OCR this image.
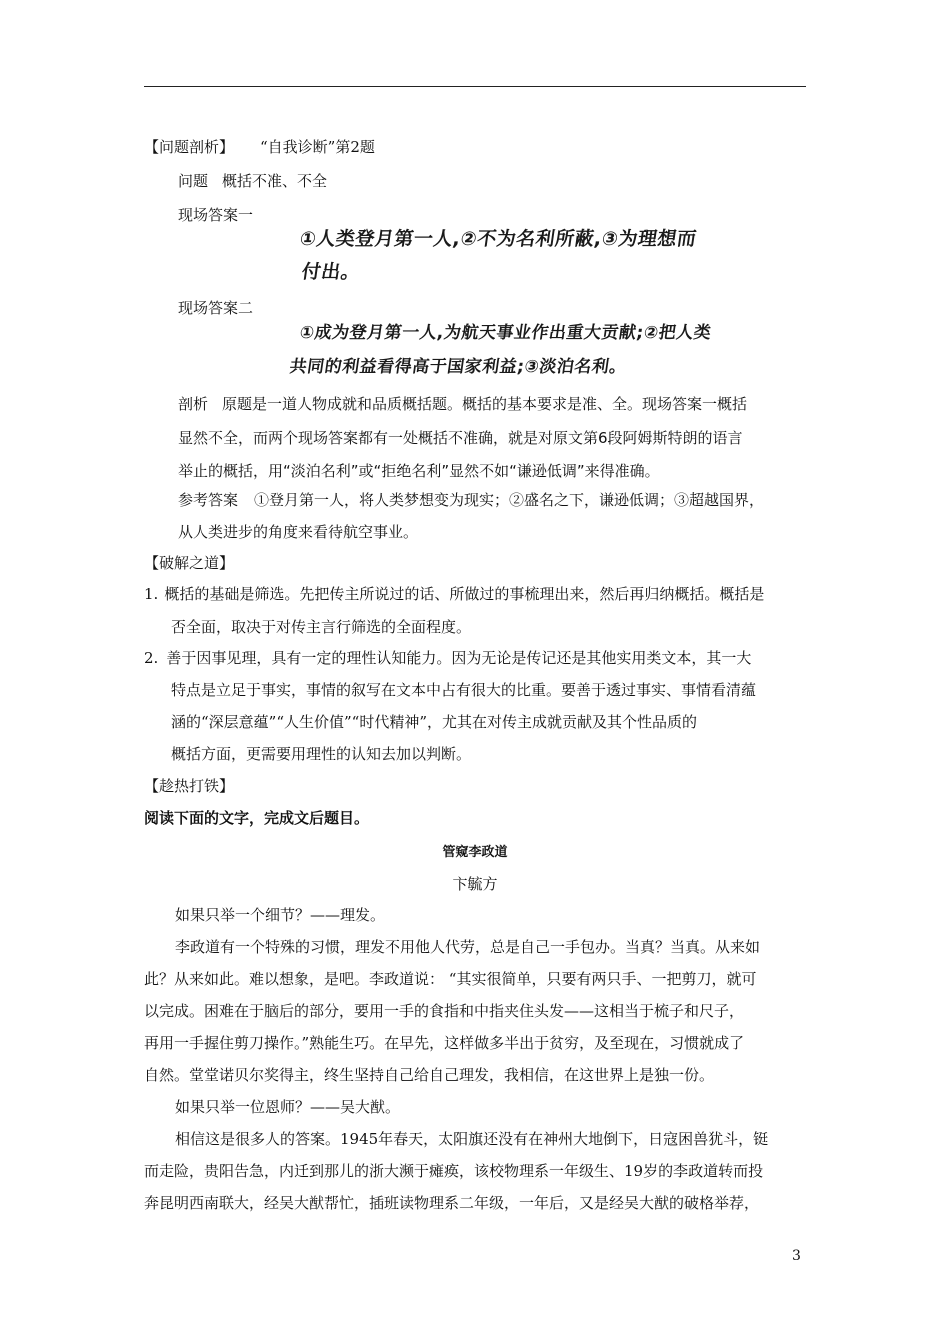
【问题剖析】 “自我诊断”第2题
问题 概括不准、不全
现场答案一
①人类登月第一人,②不为名利所蔽,③为理想而
付出。
现场答案二
①成为登月第一人,为航天事业作出重大贡献;②把人类
共同的利益看得高于国家利益;③淡泊名利。
剖析 原题是一道人物成就和品质概括题。概括的基本要求是准、全。现场答案一概括
显然不全，而两个现场答案都有一处概括不准确，就是对原文第6段阿姆斯特朗的语言
举止的概括，用“淡泊名利”或“拒绝名利”显然不如“谦逊低调”来得准确。
参考答案 ①登月第一人，将人类梦想变为现实；②盛名之下，谦逊低调；③超越国界，
从人类进步的角度来看待航空事业。
【破解之道】
1. 概括的基础是筛选。先把传主所说过的话、所做过的事梳理出来，然后再归纳概括。概括是
否全面，取决于对传主言行筛选的全面程度。
2. 善于因事见理，具有一定的理性认知能力。因为无论是传记还是其他实用类文本，其一大
特点是立足于事实，事情的叙写在文本中占有很大的比重。要善于透过事实、事情看清蕴
涵的“深层意蕴”“人生价值”“时代精神”，尤其在对传主成就贡献及其个性品质的
概括方面，更需要用理性的认知去加以判断。
【趁热打铁】
阅读下面的文字，完成文后题目。
管窥李政道
卞毓方
如果只举一个细节？——理发。
李政道有一个特殊的习惯，理发不用他人代劳，总是自己一手包办。当真？当真。从来如
此？从来如此。难以想象，是吧。李政道说： “其实很简单，只要有两只手、一把剪刀，就可
以完成。困难在于脑后的部分，要用一手的食指和中指夹住头发——这相当于梳子和尺子，
再用一手握住剪刀操作。”熟能生巧。在早先，这样做多半出于贫穷，及至现在，习惯就成了
自然。堂堂诺贝尔奖得主，终生坚持自己给自己理发，我相信，在这世界上是独一份。
如果只举一位恩师？——吴大猷。
相信这是很多人的答案。1945年春天，太阳旗还没有在神州大地倒下，日寇困兽犹斗，铤
而走险，贵阳告急，内迁到那儿的浙大濒于瘫痪，该校物理系一年级生、19岁的李政道转而投
奔昆明西南联大，经吴大猷帮忙，插班读物理系二年级，一年后，又是经吴大猷的破格举荐，
3
